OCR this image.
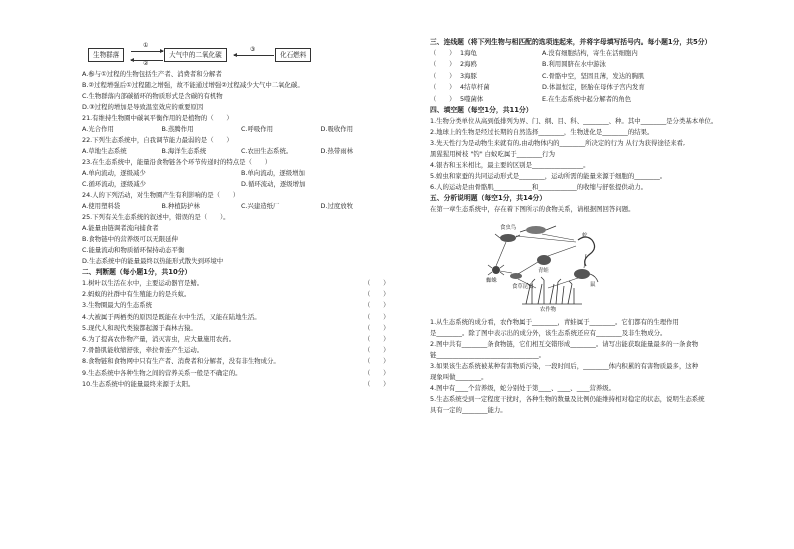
生物群落
①
②
大气中的二氧化碳
③
化石燃料
A.参与①过程的生物包括生产者、消费者和分解者
B.②过程增强后①过程随之增强，故不能通过增强②过程减少大气中二氧化碳。
C.生物群落内部碳循环的物质形式是含碳的有机物
D.③过程的增加是导致温室效应的重要原因
21.有维持生物圈中碳氧平衡作用的是植物的（　　）
A.光合作用	B.蒸腾作用	C.呼吸作用	D.吸收作用
22.下列生态系统中，自我调节能力最弱的是（　　）
A.草地生态系统	B.海洋生态系统	C.农田生态系统。	D.热带雨林
23.在生态系统中，能量沿食物链各个环节传递时的特点是（　　）
A.单向流动，逐级减少	B.单向流动，逐级增加
C.循环流动，逐级减少	D.循环流动，逐级增加
24.人的下列活动，对生物圈产生有利影响的是（　　）
A.使用塑料袋	B.种植防护林	C.兴建造纸厂	D.过度放牧
25.下列有关生态系统的叙述中，错误的是（　　）。
A.能量由链调者流向捕食者
B.食物链中的营养级可以无限延伸
C.能量流动和物质循环保持动态平衡
D.生态系统中的能量最终以热能形式散失到环境中
二、判断题（每小题1分，共10分）
1.树叶以生活在水中，主要运动器官是鳍。	（　　）
2.蚂蚁的社群中有生殖能力的是兵蚁。	（　　）
3.生物圈最大的生态系统	（　　）
4.大被属于两栖类的原因是既能在水中生活，又能在陆地生活。	（　　）
5.现代人和现代类猿都起源于森林古猿。	（　　）
6.为了提高农作物产量，消灭害虫，应大量施用农药。	（　　）
7.骨骼肌能收缩舒张，牵拉骨连产生运动。	（　　）
8.食物链和食物网中只有生产者、消费者和分解者，没有非生物成分。	（　　）
9.生态系统中各种生物之间的营养关系一般是不确定的。	（　　）
10.生态系统中的能量最终来源于太阳。	（　　）
三、连线题（将下列生物与相匹配的选项连起来，并将字母填写括号内。每小题1分，共5分）
（　　） 1海龟	A.没有细胞结构，寄生在活细胞内
（　　） 2海鸥	B.利用圆脐在水中游泳
（　　） 3海豚	C.骨骼中空，坚固且薄，发达的胸肌
（　　） 4结草杆菌	D.体温恒定，胚胎在母体子宫内发育
（　　） 5噬菌体	E.在生态系统中起分解者的角色
四、填空题（每空1分，共11分）
1.生物分类单位从高到低排列为界、门、纲、目、科、________、种。其中________是分类基本单位。
2.地球上的生物是经过长期的自然选择________，生物进化是________的结果。
3.先天性行为是动物生来就有的,由动物体内的________所决定的行为 从行为获得途径来看,
黑猩猩用树枝 "钓" 白蚁吃属于________行为
4.银杏和玉米相比，最主要的区别是________________。
5.蝗虫和家蚕的共同运动形式是________，运动所需的能量来源于细胞的________。
6.人的运动是由骨骼肌____________和____________的收缩与舒张提供动力。
五、分析说明题（每空1分，共14分）
在第一章生态系统中，存在着下图所示的食物关系，请根据图回答问题。
食虫鸟
蜘蛛
食草昆虫
青蛙
蛇
鼠
农作物
1.从生态系统的成分看，农作物属于________，青蛙属于________。它们都有的生理作用
是________。除了图中表示出的成分外，该生态系统还应有________及非生物成分。
2.图中共有________条食物链，它们相互交错形成________。请写出能获取能量最多的一条食物
链________________________________。
3.如果该生态系统被某种有害物质污染，一段时间后，________体内积累的有害物质最多，这种
现象叫做________。
4.图中有____个营养级，蛇分别处于第____、____、____营养级。
5.生态系统受到一定程度干扰时，各种生物的数量及比例仍能维持相对稳定的状态，说明生态系统
具有一定的________能力。
